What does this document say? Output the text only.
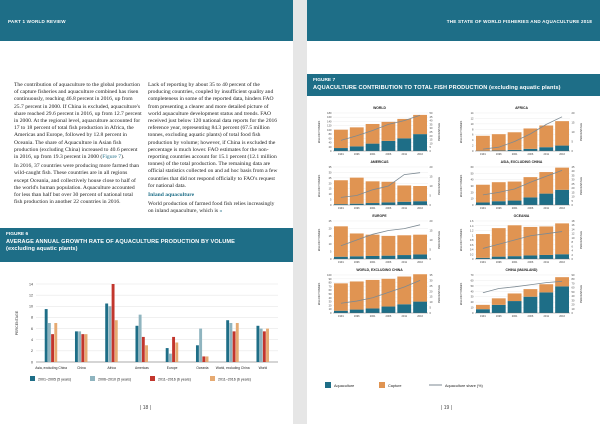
PART 1 WORLD REVIEW

The contribution of aquaculture to the global production of capture fisheries and aquaculture combined has risen continuously, reaching 46.8 percent in 2016, up from 25.7 percent in 2000. If China is excluded, aquaculture's share reached 29.6 percent in 2016, up from 12.7 percent in 2000. At the regional level, aquaculture accounted for 17 to 18 percent of total fish production in Africa, the Americas and Europe, followed by 12.8 percent in Oceania. The share of Aquaculture in Asian fish production (excluding China) increased to 40.6 percent in 2016, up from 19.3 percent in 2000 (Figure 7).

In 2016, 37 countries were producing more farmed than wild-caught fish. These countries are in all regions except Oceania, and collectively house close to half of the world's human population. Aquaculture accounted for less than half but over 30 percent of national total fish production in another 22 countries in 2016.

Lack of reporting by about 35 to 40 percent of the producing countries, coupled by insufficient quality and completeness in some of the reported data, hinders FAO from presenting a clearer and more detailed picture of world aquaculture development status and trends. FAO received just below 120 national data reports for the 2016 reference year, representing 84.3 percent (67.5 million tonnes, excluding aquatic plants) of total food fish production by volume; however, if China is excluded the percentage is much lower. FAO estimates for the non-reporting countries account for 15.1 percent (12.1 million tonnes) of the total production. The remaining data are official statistics collected on and ad hoc basis from a few countries that did not respond officially to FAO's request for national data.

Inland aquaculture

World production of farmed food fish relies increasingly on inland aquaculture, which is »

FIGURE 6
AVERAGE ANNUAL GROWTH RATE OF AQUACULTURE PRODUCTION BY VOLUME
(excluding aquatic plants)
0
2
4
6
8
10
12
14
PERCENTAGE
Asia, excluding China	China	Africa	Americas	Europe	Oceania World, excluding China	World
2001–2005 (5 years)	2006–2010 (5 years)	2011–2016 (6 years)	2011–2016 (6 years)
| 18 |
THE STATE OF WORLD FISHERIES AND AQUACULTURE 2018
FIGURE 7
AQUACULTURE CONTRIBUTION TO TOTAL FISH PRODUCTION (excluding aquatic plants)
WORLD
0
20
40
60
80
100
120
140
160
180
0
5
10
15
20
25
30
35
40
45
50
MILLION TONNES	PERCENTAGE
1991	1996	2001	2006	2011	2016
AFRICA
0
2
4
6
8
10
12
14
0
5
10
15
20
MILLION TONNES	PERCENTAGE
1991	1996	2001	2006	2011	2016
AMERICAS
0
5
10
15
20
25
30
35
0
5
10
15
20
MILLION TONNES	PERCENTAGE
1991	1996	2001	2006	2011	2016
ASIA, EXCLUDING CHINA
0
10
20
30
40
50
60
0
5
10
15
20
25
30
35
40
45
MILLION TONNES	PERCENTAGE
1991	1996	2001	2006	2011	2016
EUROPE
0
5
10
15
20
25
0
5
10
15
20
MILLION TONNES	PERCENTAGE
1991	1996	2001	2006	2011	2016
OCEANIA
0
0.2
0.4
0.6
0.8
1
1.2
1.4
1.6
0
2
4
6
8
10
12
14
16
18
MILLION TONNES	PERCENTAGE
1991	1996	2001	2006	2011	2016
WORLD, EXCLUDING CHINA
0
10
20
30
40
50
60
70
80
90
100
0
5
10
15
20
25
30
35
MILLION TONNES	PERCENTAGE
1991	1996	2001	2006	2011	2016
CHINA (MAINLAND)
0
10
20
30
40
50
60
70
0
10
20
30
40
50
60
70
80
90
MILLION TONNES	PERCENTAGE
1991	1996	2001	2006	2011	2016
Aquaculture	Capture	Aquaculture share (%)
| 19 |
